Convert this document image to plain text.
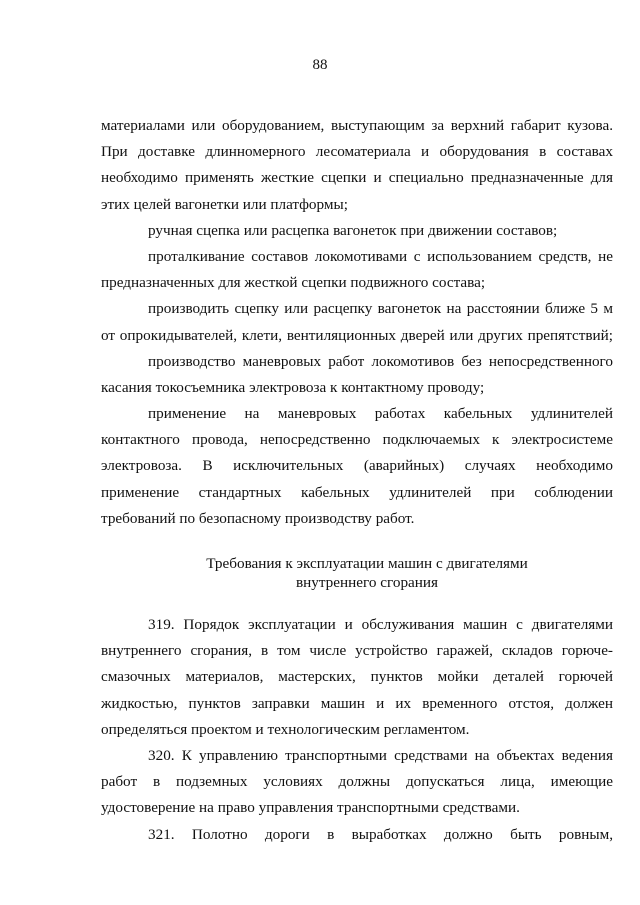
88
материалами или оборудованием, выступающим за верхний габарит кузова.
При доставке длинномерного лесоматериала и оборудования в составах
необходимо применять жесткие сцепки и специально предназначенные для
этих целей вагонетки или платформы;
ручная сцепка или расцепка вагонеток при движении составов;
проталкивание составов локомотивами с использованием средств, не
предназначенных для жесткой сцепки подвижного состава;
производить сцепку или расцепку вагонеток на расстоянии ближе 5 м
от опрокидывателей, клети, вентиляционных дверей или других препятствий;
производство маневровых работ локомотивов без непосредственного
касания токосъемника электровоза к контактному проводу;
применение на маневровых работах кабельных удлинителей
контактного провода, непосредственно подключаемых к электросистеме
электровоза. В исключительных (аварийных) случаях необходимо
применение стандартных кабельных удлинителей при соблюдении
требований по безопасному производству работ.
Требования к эксплуатации машин с двигателями
внутреннего сгорания
319. Порядок эксплуатации и обслуживания машин с двигателями
внутреннего сгорания, в том числе устройство гаражей, складов горюче-
смазочных материалов, мастерских, пунктов мойки деталей горючей
жидкостью, пунктов заправки машин и их временного отстоя, должен
определяться проектом и технологическим регламентом.
320. К управлению транспортными средствами на объектах ведения
работ в подземных условиях должны допускаться лица, имеющие
удостоверение на право управления транспортными средствами.
321. Полотно дороги в выработках должно быть ровным,
